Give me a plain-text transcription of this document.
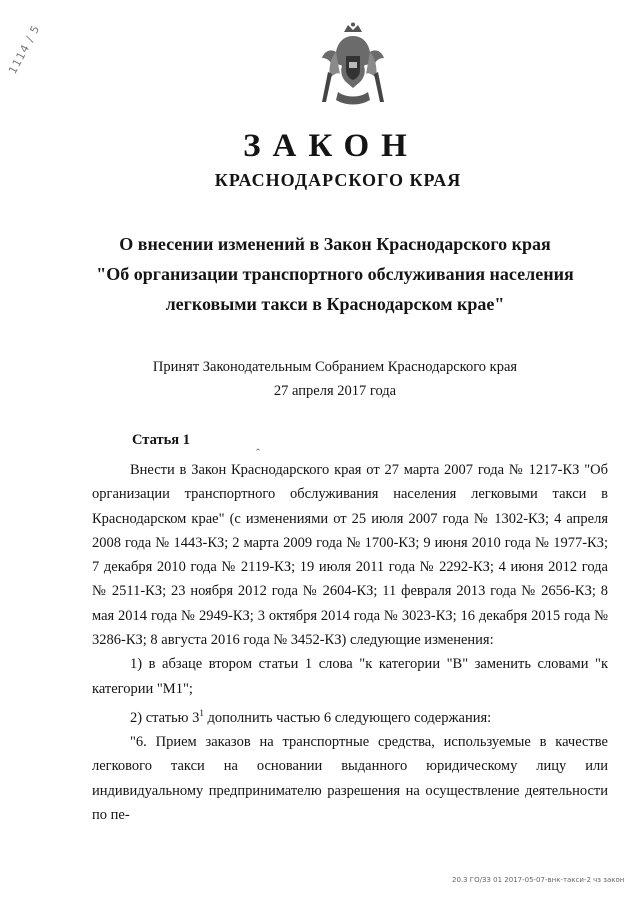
1114 / 5
ЗАКОН
КРАСНОДАРСКОГО КРАЯ
О внесении изменений в Закон Краснодарского края
"Об организации транспортного обслуживания населения
легковыми такси в Краснодарском крае"
Принят Законодательным Собранием Краснодарского края
27 апреля 2017 года
Статья 1
ˆ

Внести в Закон Краснодарского края от 27 марта 2007 года № 1217-КЗ "Об организации транспортного обслуживания населения легковыми такси в Краснодарском крае" (с изменениями от 25 июля 2007 года № 1302-КЗ; 4 апреля 2008 года № 1443-КЗ; 2 марта 2009 года № 1700-КЗ; 9 июня 2010 года № 1977-КЗ; 7 декабря 2010 года № 2119-КЗ; 19 июля 2011 года № 2292-КЗ; 4 июня 2012 года № 2511-КЗ; 23 ноября 2012 года № 2604-КЗ; 11 февраля 2013 года № 2656-КЗ; 8 мая 2014 года № 2949-КЗ; 3 октября 2014 года № 3023-КЗ; 16 декабря 2015 года № 3286-КЗ; 8 августа 2016 года № 3452-КЗ) следующие изменения:

1) в абзаце втором статьи 1 слова "к категории "В" заменить словами "к категории "М1";

2) статью $3^1$ дополнить частью 6 следующего содержания:

"6. Прием заказов на транспортные средства, используемые в качестве легкового такси на основании выданного юридическому лицу или индивидуальному предпринимателю разрешения на осуществление деятельности по пе-

20.3 ГО/ЗЗ 01 2017-05-07-внк-такси-2 чз закон
